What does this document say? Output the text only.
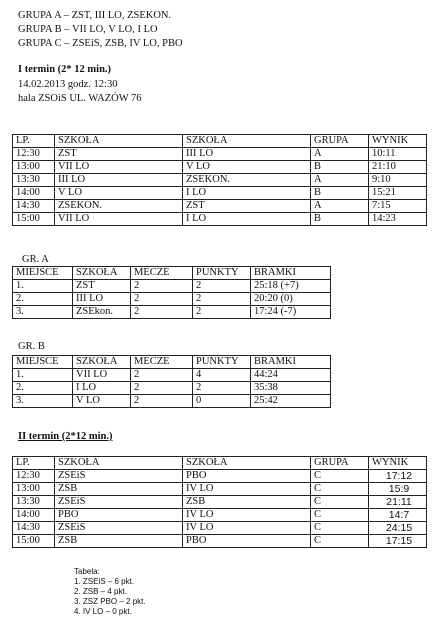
GRUPA A – ZST, III LO, ZSEKON.
GRUPA B – VII LO, V LO, I LO
GRUPA C – ZSEiS, ZSB, IV LO, PBO
I termin (2* 12 min.)
14.02.2013 godz. 12:30
hala ZSOiS UL. WAZÓW 76
LP.	SZKOŁA	SZKOŁA	GRUPA	WYNIK
12:30	ZST	III LO	A	10:11
13:00	VII LO	V LO	B	21:10
13:30	III LO	ZSEKON.	A	9:10
14:00	V LO	I LO	B	15:21
14:30	ZSEKON.	ZST	A	7:15
15:00	VII LO	I LO	B	14:23
GR. A
MIEJSCE	SZKOŁA	MECZE	PUNKTY	BRAMKI
1.	ZST	2	2	25:18 (+7)
2.	III LO	2	2	20:20 (0)
3.	ZSEkon.	2	2	17:24 (-7)
GR. B
MIEJSCE	SZKOŁA	MECZE	PUNKTY	BRAMKI
1.	VII LO	2	4	44:24
2.	I LO	2	2	35:38
3.	V LO	2	0	25:42
II termin (2*12 min.)
LP.	SZKOŁA	SZKOŁA	GRUPA	WYNIK
12:30	ZSEiS	PBO	C	17:12
13:00	ZSB	IV LO	C	15:9
13:30	ZSEiS	ZSB	C	21:11
14:00	PBO	IV LO	C	14:7
14:30	ZSEiS	IV LO	C	24:15
15:00	ZSB	PBO	C	17:15
Tabela:
1. ZSEiS – 6 pkt.
2. ZSB – 4 pkt.
3. ZSZ PBO – 2 pkt.
4. IV LO – 0 pkt.
